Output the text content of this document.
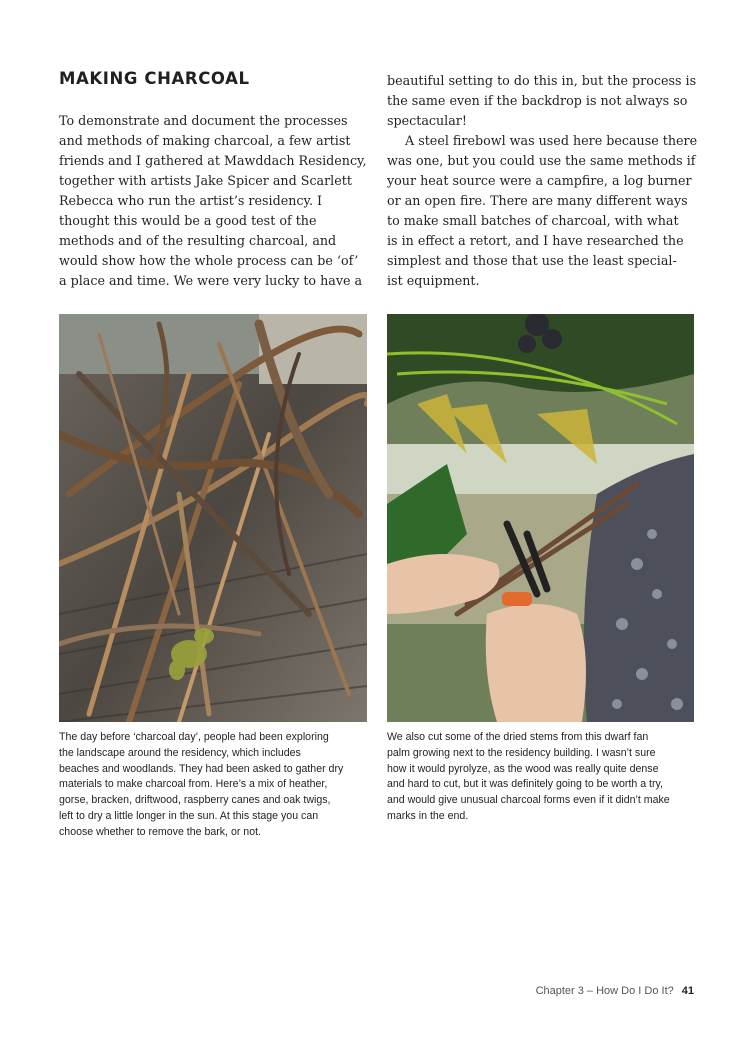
MAKING CHARCOAL

To demonstrate and document the processes
and methods of making charcoal, a few artist
friends and I gathered at Mawddach Residency,
together with artists Jake Spicer and Scarlett
Rebecca who run the artist’s residency. I
thought this would be a good test of the
methods and of the resulting charcoal, and
would show how the whole process can be ‘of’
a place and time. We were very lucky to have a

beautiful setting to do this in, but the process is
the same even if the backdrop is not always so
spectacular!

A steel firebowl was used here because there
was one, but you could use the same methods if
your heat source were a campfire, a log burner
or an open fire. There are many different ways
to make small batches of charcoal, with what
is in effect a retort, and I have researched the
simplest and those that use the least special-
ist equipment.

The day before ‘charcoal day’, people had been exploring
the landscape around the residency, which includes
beaches and woodlands. They had been asked to gather dry
materials to make charcoal from. Here’s a mix of heather,
gorse, bracken, driftwood, raspberry canes and oak twigs,
left to dry a little longer in the sun. At this stage you can
choose whether to remove the bark, or not.

We also cut some of the dried stems from this dwarf fan
palm growing next to the residency building. I wasn’t sure
how it would pyrolyze, as the wood was really quite dense
and hard to cut, but it was definitely going to be worth a try,
and would give unusual charcoal forms even if it didn’t make
marks in the end.

Chapter 3 – How Do I Do It? 41
